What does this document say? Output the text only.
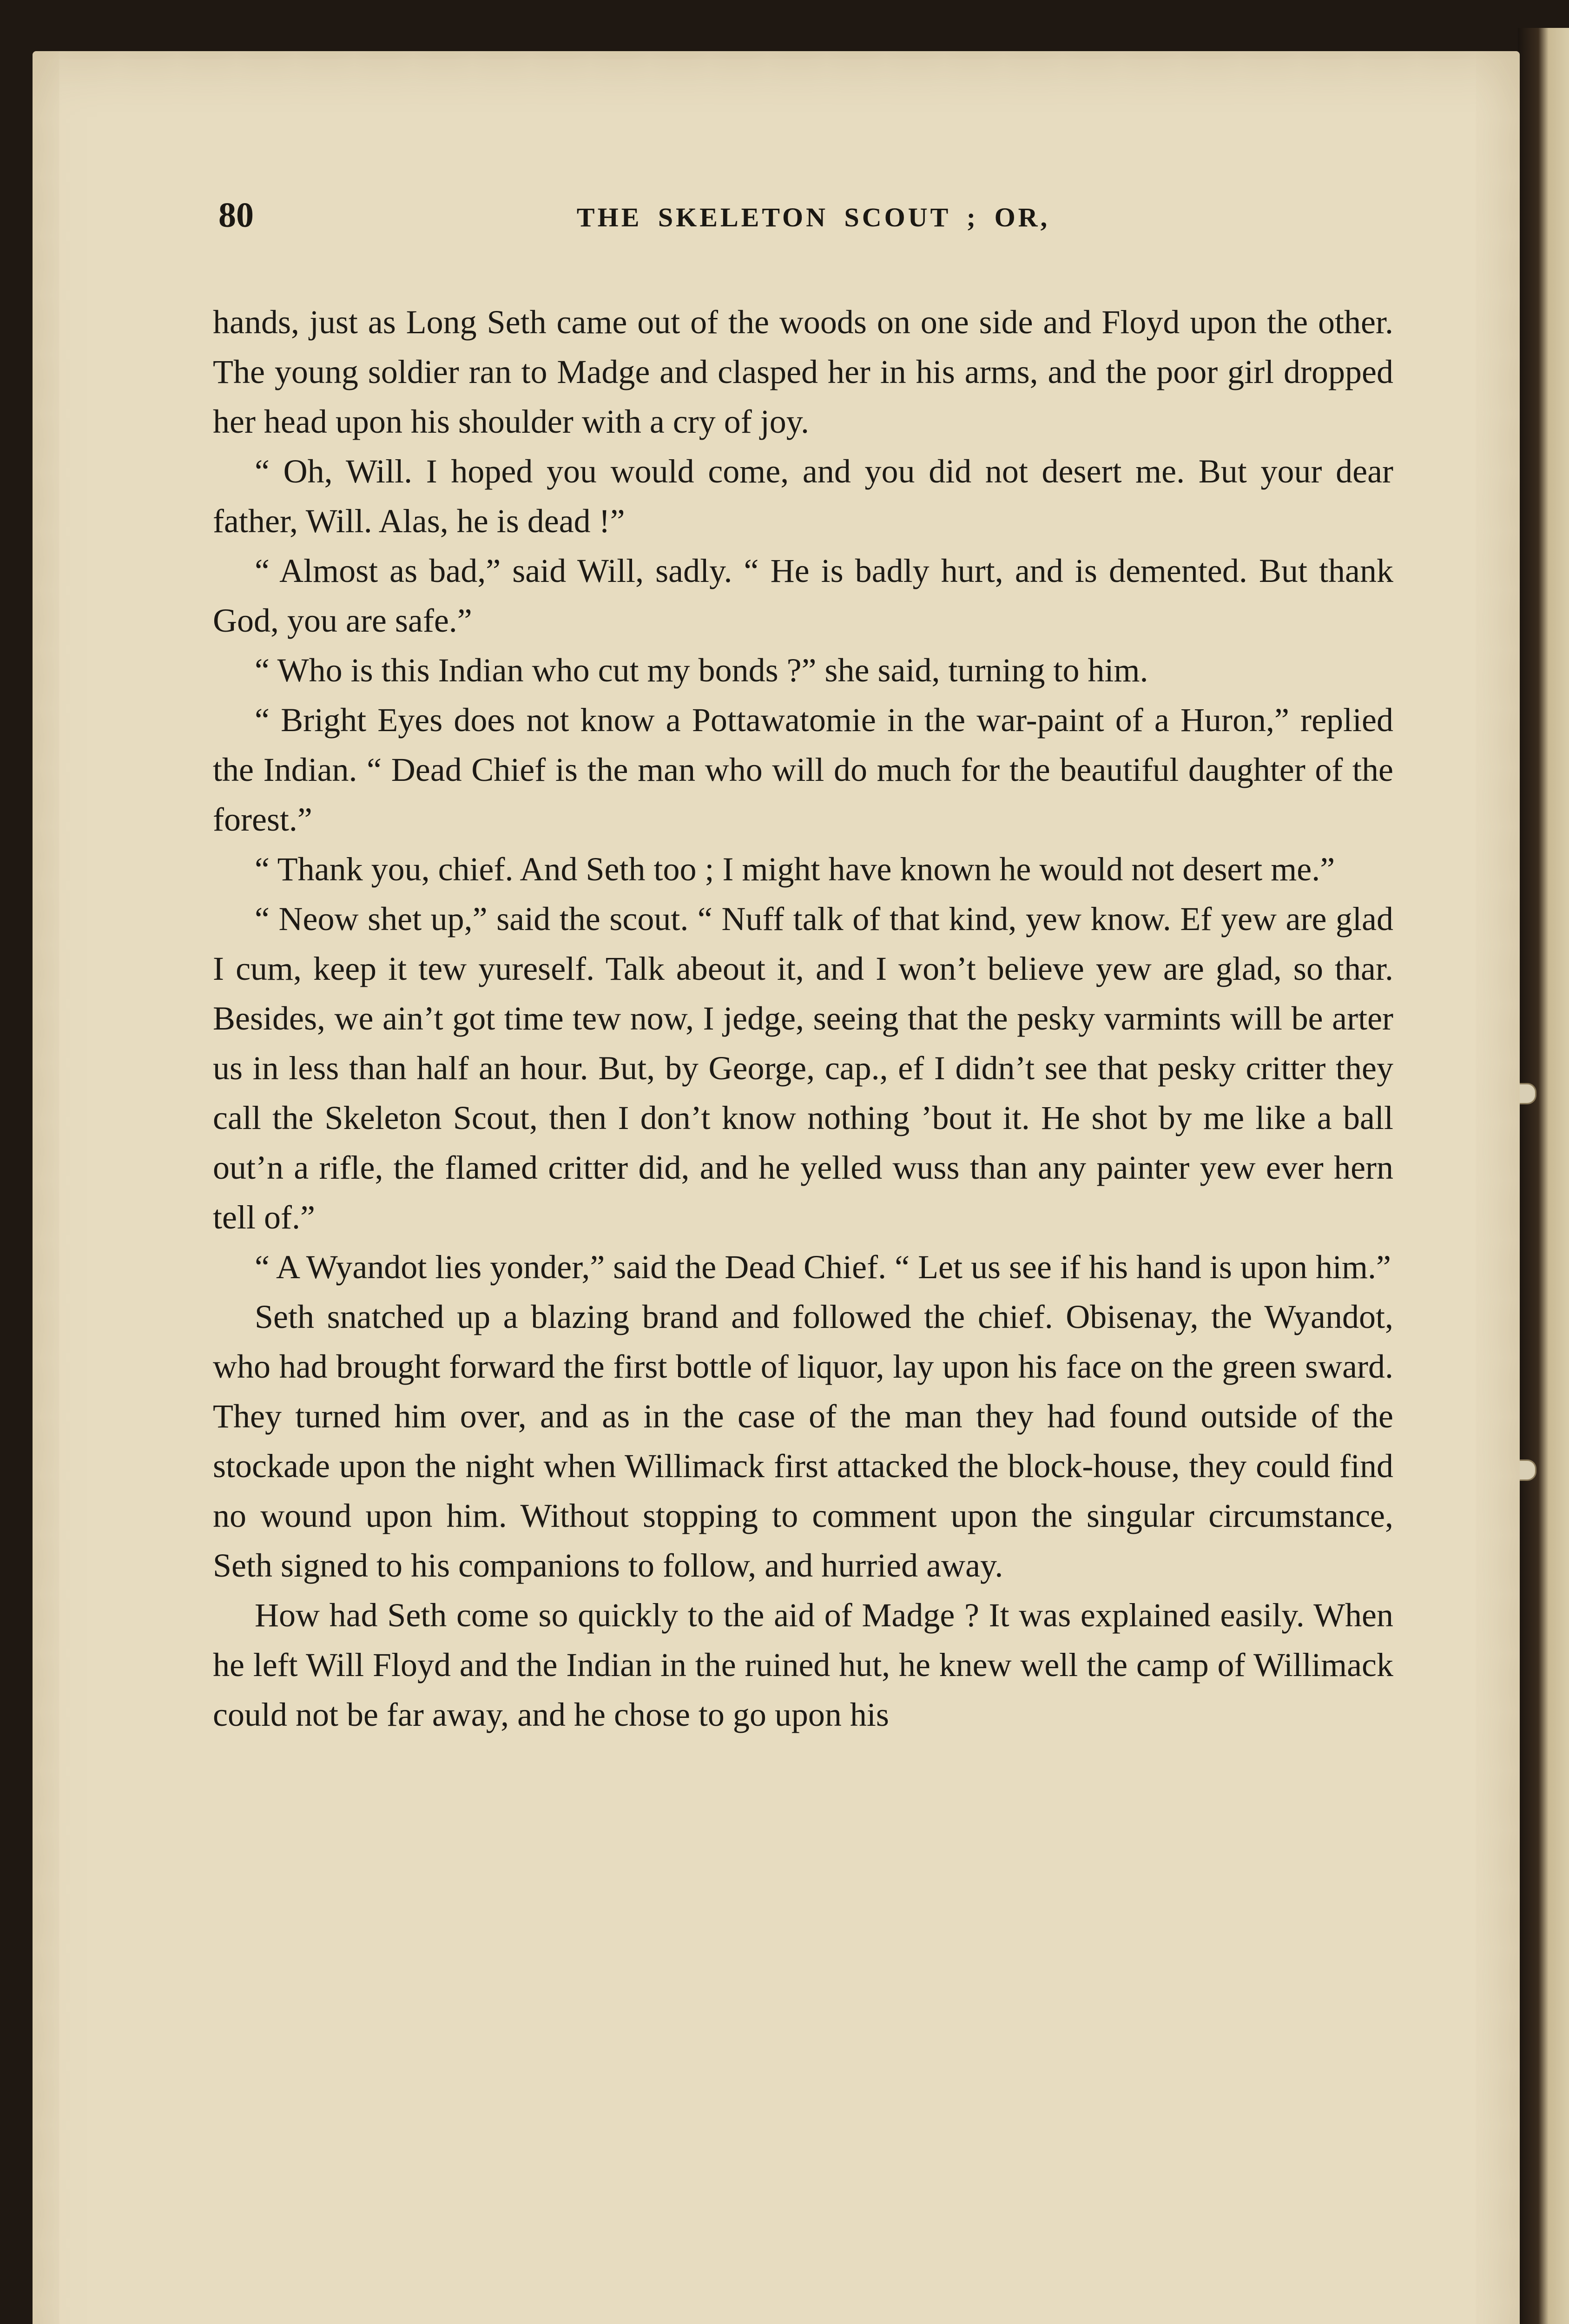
80	THE SKELETON SCOUT ; OR,

hands, just as Long Seth came out of the woods on one side and Floyd upon the other. The young soldier ran to Madge and clasped her in his arms, and the poor girl dropped her head upon his shoulder with a cry of joy.

“ Oh, Will. I hoped you would come, and you did not desert me. But your dear father, Will. Alas, he is dead !”

“ Almost as bad,” said Will, sadly. “ He is badly hurt, and is demented. But thank God, you are safe.”

“ Who is this Indian who cut my bonds ?” she said, turning to him.

“ Bright Eyes does not know a Pottawatomie in the war-paint of a Huron,” replied the Indian. “ Dead Chief is the man who will do much for the beautiful daughter of the forest.”

“ Thank you, chief. And Seth too ; I might have known he would not desert me.”

“ Neow shet up,” said the scout. “ Nuff talk of that kind, yew know. Ef yew are glad I cum, keep it tew yureself. Talk abeout it, and I won’t believe yew are glad, so thar. Besides, we ain’t got time tew now, I jedge, seeing that the pesky varmints will be arter us in less than half an hour. But, by George, cap., ef I didn’t see that pesky critter they call the Skeleton Scout, then I don’t know nothing ’bout it. He shot by me like a ball out’n a rifle, the flamed critter did, and he yelled wuss than any painter yew ever hern tell of.”

“ A Wyandot lies yonder,” said the Dead Chief. “ Let us see if his hand is upon him.”

Seth snatched up a blazing brand and followed the chief. Obisenay, the Wyandot, who had brought forward the first bottle of liquor, lay upon his face on the green sward. They turned him over, and as in the case of the man they had found outside of the stockade upon the night when Willimack first attacked the block-house, they could find no wound upon him. Without stopping to comment upon the singular circumstance, Seth signed to his companions to follow, and hurried away.

How had Seth come so quickly to the aid of Madge ? It was explained easily. When he left Will Floyd and the Indian in the ruined hut, he knew well the camp of Willimack could not be far away, and he chose to go upon his
